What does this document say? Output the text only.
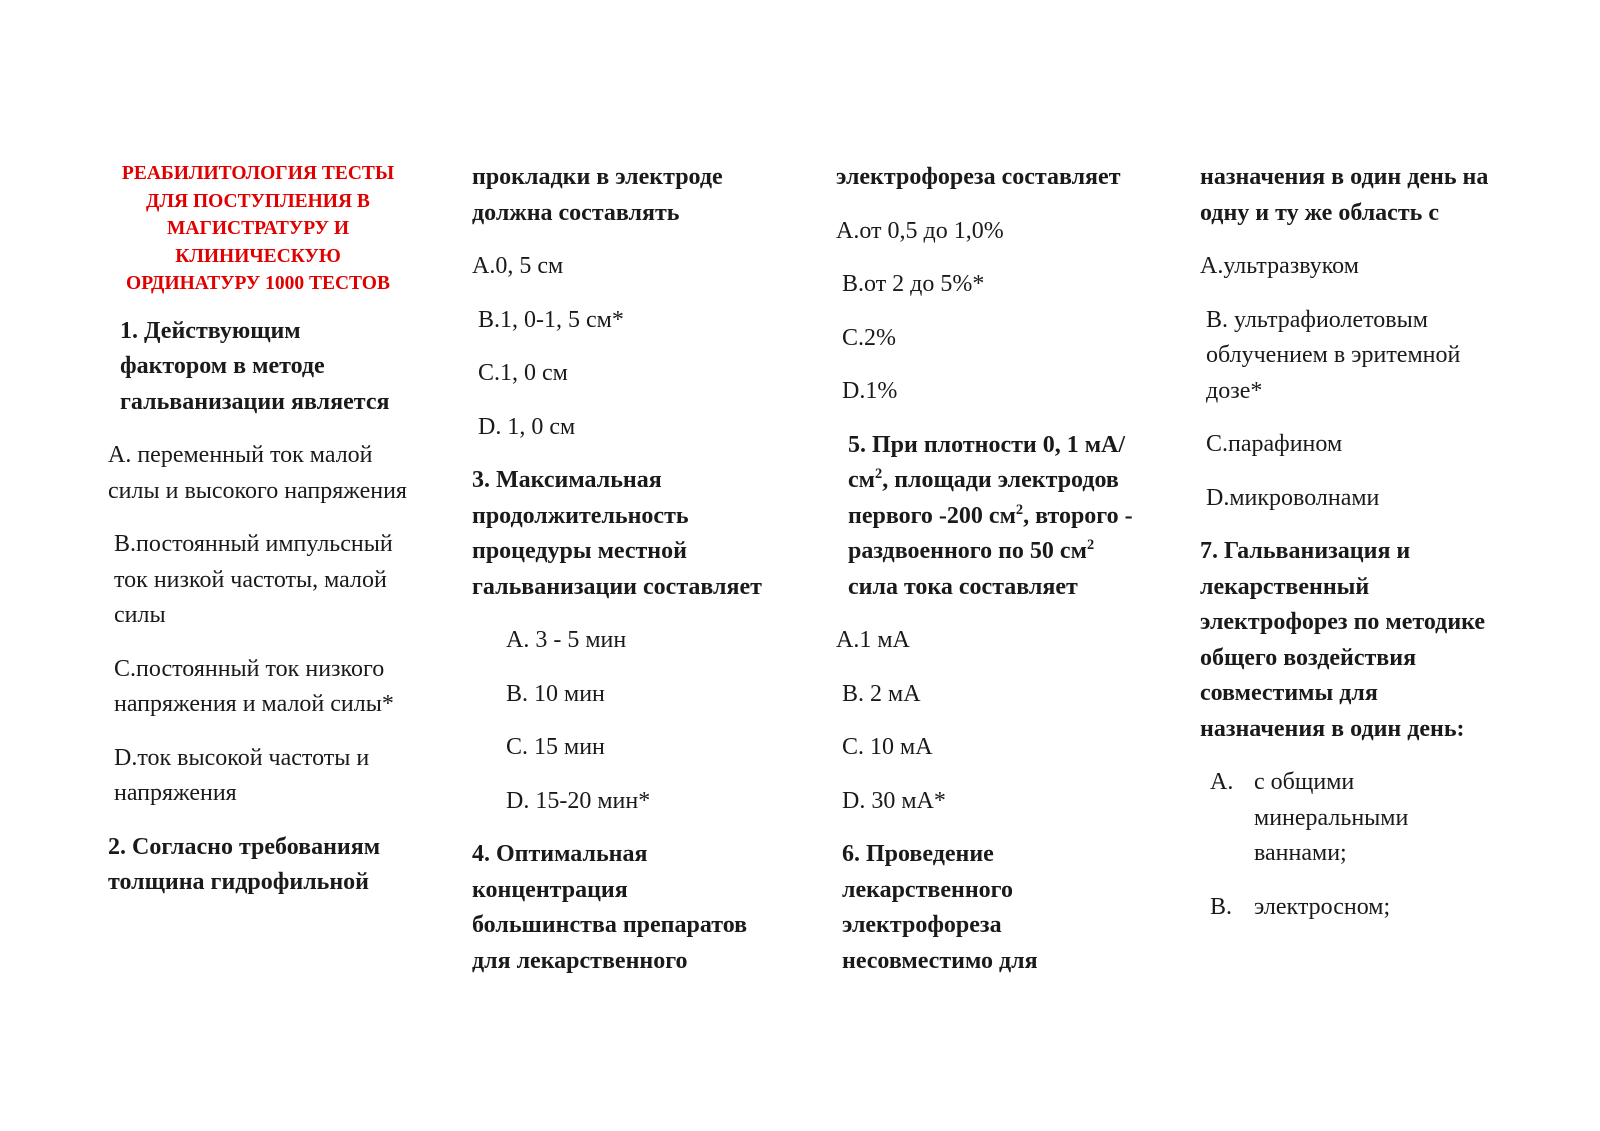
РЕАБИЛИТОЛОГИЯ ТЕСТЫ
ДЛЯ ПОСТУПЛЕНИЯ В
МАГИСТРАТУРУ И
КЛИНИЧЕСКУЮ
ОРДИНАТУРУ 1000 ТЕСТОВ

1. Действующим фактором в методе гальванизации является

A. переменный ток малой силы и высокого напряжения

B.постоянный импульсный ток низкой частоты, малой силы

C.постоянный ток низкого напряжения и малой силы*

D.ток высокой частоты и напряжения

2. Согласно требованиям толщина гидрофильной

прокладки в электроде должна составлять

A.0, 5 см

B.1, 0-1, 5 см*

C.1, 0 см

D. 1, 0 см

3. Максимальная продолжительность процедуры местной гальванизации составляет

A. 3 - 5 мин

B. 10 мин

C. 15 мин

D. 15-20 мин*

4. Оптимальная концентрация большинства препаратов для лекарственного

электрофореза составляет

A.от 0,5 до 1,0%

B.от 2 до 5%*

C.2%

D.1%

5. При плотности 0, 1 $мА/см^2$, площади электродов первого -200 $см^2$, второго - раздвоенного по 50 $см^2$ сила тока составляет

A.1 мА

B. 2 мА

C. 10 мА

D. 30 мА*

6. Проведение лекарственного электрофореза несовместимо для

назначения в один день на одну и ту же область с

A.ультразвуком

B. ультрафиолетовым облучением в эритемной дозе*

C.парафином

D.микроволнами

7. Гальванизация и лекарственный электрофорез по методике общего воздействия совместимы для назначения в один день:

A. с общими минеральными ваннами;
B. электросном;
